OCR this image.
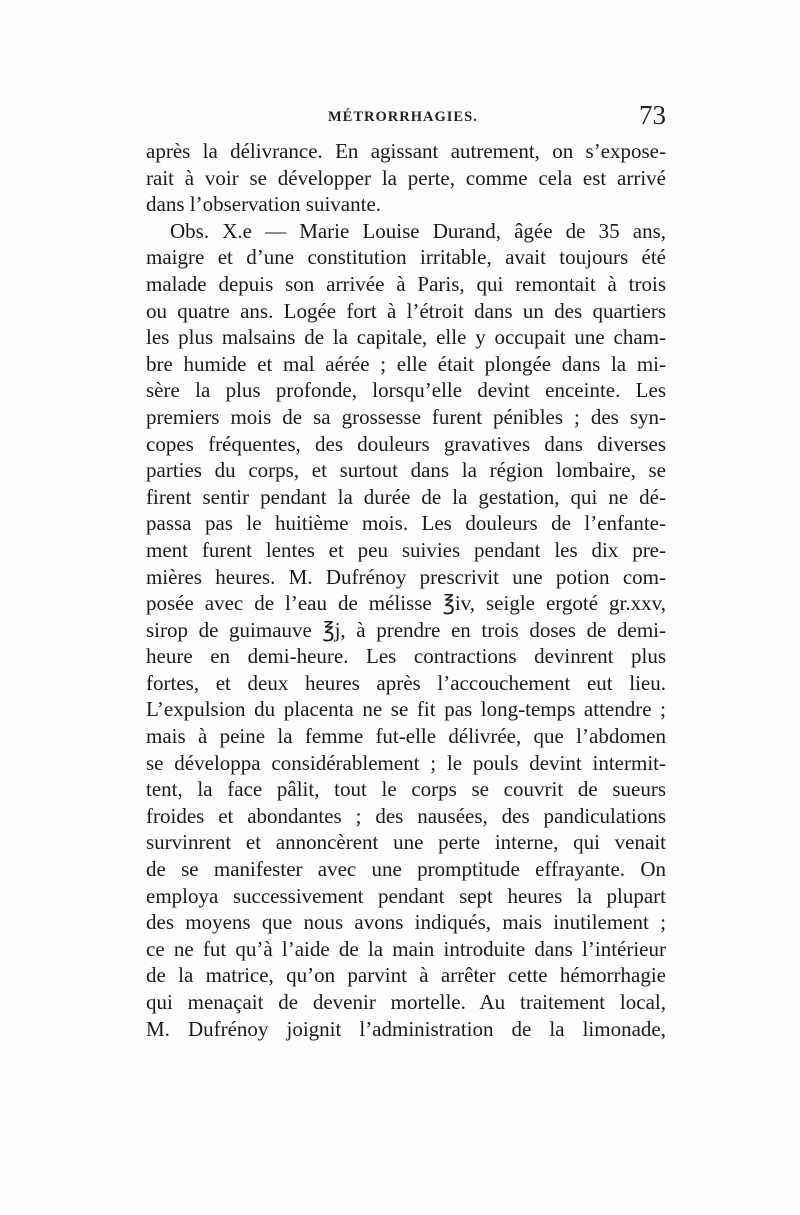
MÉTRORRHAGIES.	73
après la délivrance. En agissant autrement, on s’expose-
rait à voir se développer la perte, comme cela est arrivé
dans l’observation suivante.
Obs. X.e — Marie Louise Durand, âgée de 35 ans,
maigre et d’une constitution irritable, avait toujours été
malade depuis son arrivée à Paris, qui remontait à trois
ou quatre ans. Logée fort à l’étroit dans un des quartiers
les plus malsains de la capitale, elle y occupait une cham-
bre humide et mal aérée ; elle était plongée dans la mi-
sère la plus profonde, lorsqu’elle devint enceinte. Les
premiers mois de sa grossesse furent pénibles ; des syn-
copes fréquentes, des douleurs gravatives dans diverses
parties du corps, et surtout dans la région lombaire, se
firent sentir pendant la durée de la gestation, qui ne dé-
passa pas le huitième mois. Les douleurs de l’enfante-
ment furent lentes et peu suivies pendant les dix pre-
mières heures. M. Dufrénoy prescrivit une potion com-
posée avec de l’eau de mélisse ℥iv, seigle ergoté gr.xxv,
sirop de guimauve ℥j, à prendre en trois doses de demi-
heure en demi-heure. Les contractions devinrent plus
fortes, et deux heures après l’accouchement eut lieu.
L’expulsion du placenta ne se fit pas long-temps attendre ;
mais à peine la femme fut-elle délivrée, que l’abdomen
se développa considérablement ; le pouls devint intermit-
tent, la face pâlit, tout le corps se couvrit de sueurs
froides et abondantes ; des nausées, des pandiculations
survinrent et annoncèrent une perte interne, qui venait
de se manifester avec une promptitude effrayante. On
employa successivement pendant sept heures la plupart
des moyens que nous avons indiqués, mais inutilement ;
ce ne fut qu’à l’aide de la main introduite dans l’intérieur
de la matrice, qu’on parvint à arrêter cette hémorrhagie
qui menaçait de devenir mortelle. Au traitement local,
M. Dufrénoy joignit l’administration de la limonade,
